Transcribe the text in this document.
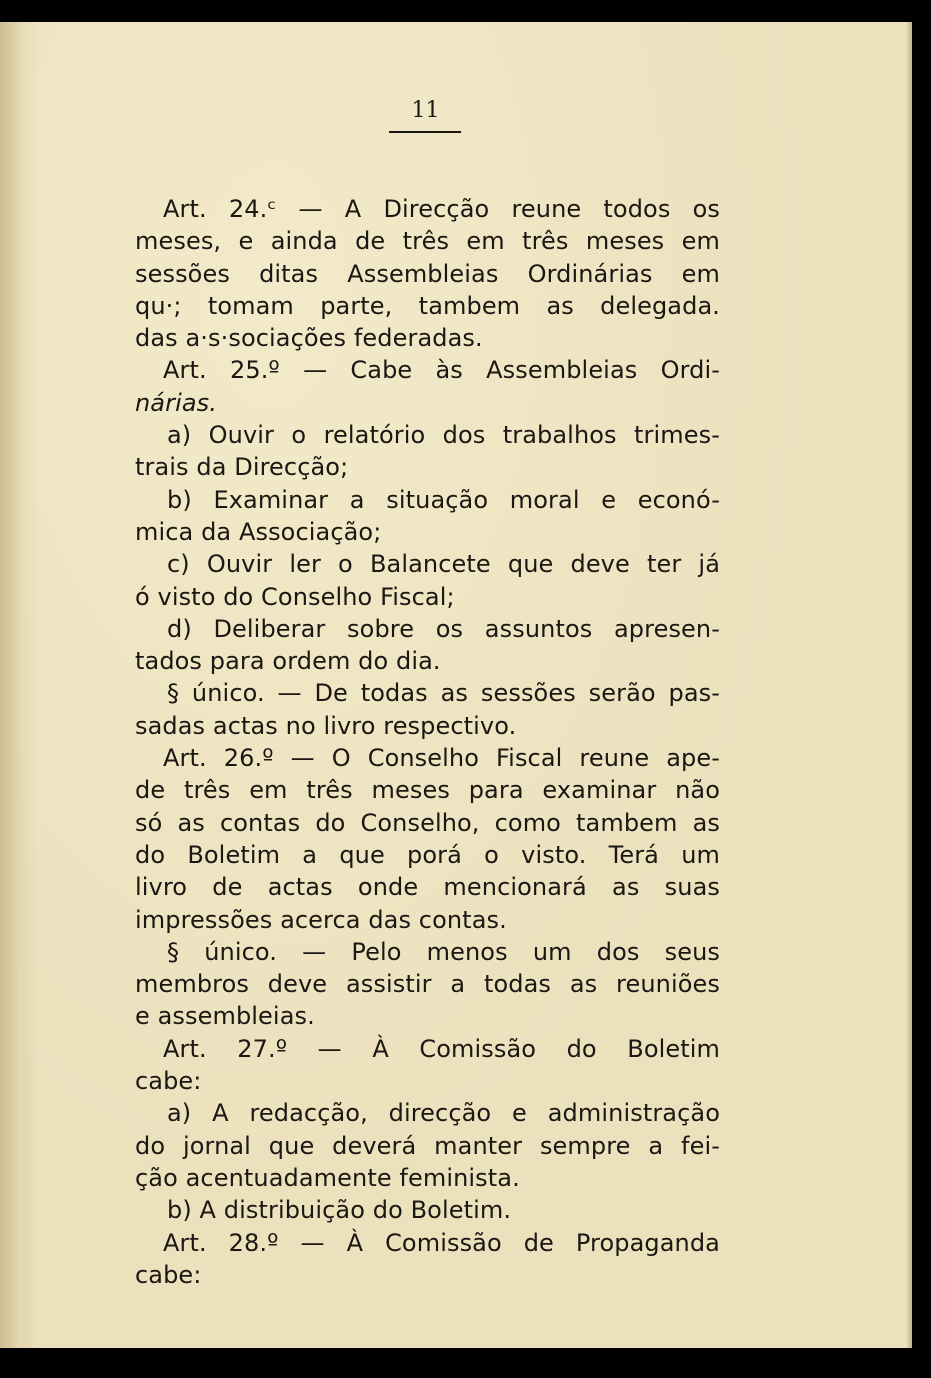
11
Art. 24.ᶜ — A Direcção reune todos os
meses, e ainda de três em três meses em
sessões ditas Assembleias Ordinárias em
qu·; tomam parte, tambem as delegada.
das a·s·sociações federadas.
Art. 25.º — Cabe às Assembleias Ordi-
nárias.
a) Ouvir o relatório dos trabalhos trimes-
trais da Direcção;
b) Examinar a situação moral e econó-
mica da Associação;
c) Ouvir ler o Balancete que deve ter já
ó visto do Conselho Fiscal;
d) Deliberar sobre os assuntos apresen-
tados para ordem do dia.
§ único. — De todas as sessões serão pas-
sadas actas no livro respectivo.
Art. 26.º — O Conselho Fiscal reune ape-
de três em três meses para examinar não
só as contas do Conselho, como tambem as
do Boletim a que porá o visto. Terá um
livro de actas onde mencionará as suas
impressões acerca das contas.
§ único. — Pelo menos um dos seus
membros deve assistir a todas as reuniões
e assembleias.
Art. 27.º — À Comissão do Boletim
cabe:
a) A redacção, direcção e administração
do jornal que deverá manter sempre a fei-
ção acentuadamente feminista.
b) A distribuição do Boletim.
Art. 28.º — À Comissão de Propaganda
cabe:
